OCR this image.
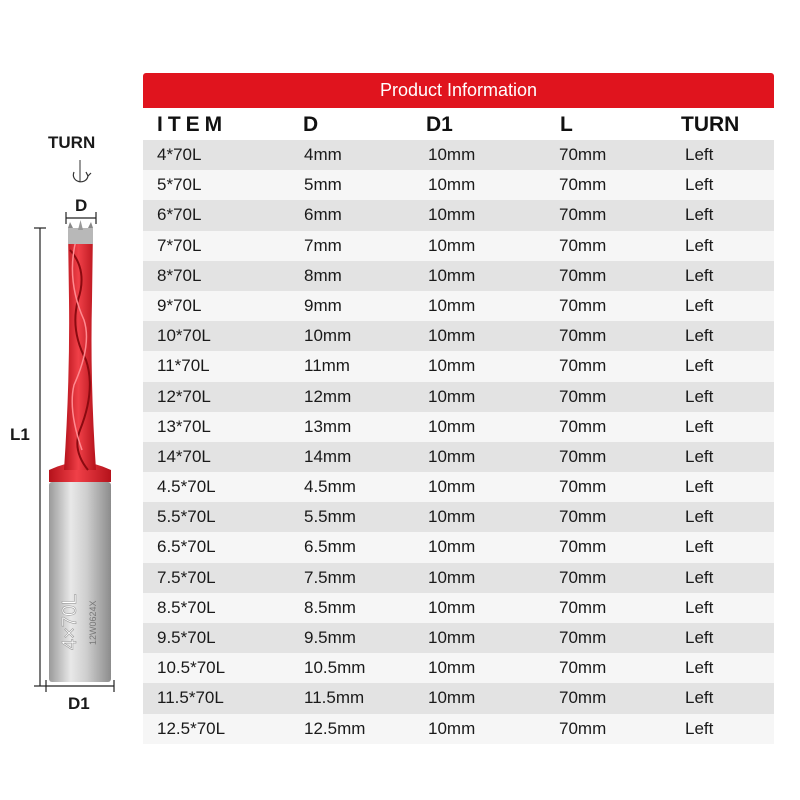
4×70L 12W0624X
TURN
D
L1
D1
Product Information
ITEM	D	D1	L	TURN
4*70L	4mm	10mm	70mm	Left
5*70L	5mm	10mm	70mm	Left
6*70L	6mm	10mm	70mm	Left
7*70L	7mm	10mm	70mm	Left
8*70L	8mm	10mm	70mm	Left
9*70L	9mm	10mm	70mm	Left
10*70L	10mm	10mm	70mm	Left
11*70L	11mm	10mm	70mm	Left
12*70L	12mm	10mm	70mm	Left
13*70L	13mm	10mm	70mm	Left
14*70L	14mm	10mm	70mm	Left
4.5*70L	4.5mm	10mm	70mm	Left
5.5*70L	5.5mm	10mm	70mm	Left
6.5*70L	6.5mm	10mm	70mm	Left
7.5*70L	7.5mm	10mm	70mm	Left
8.5*70L	8.5mm	10mm	70mm	Left
9.5*70L	9.5mm	10mm	70mm	Left
10.5*70L	10.5mm	10mm	70mm	Left
11.5*70L	11.5mm	10mm	70mm	Left
12.5*70L	12.5mm	10mm	70mm	Left
